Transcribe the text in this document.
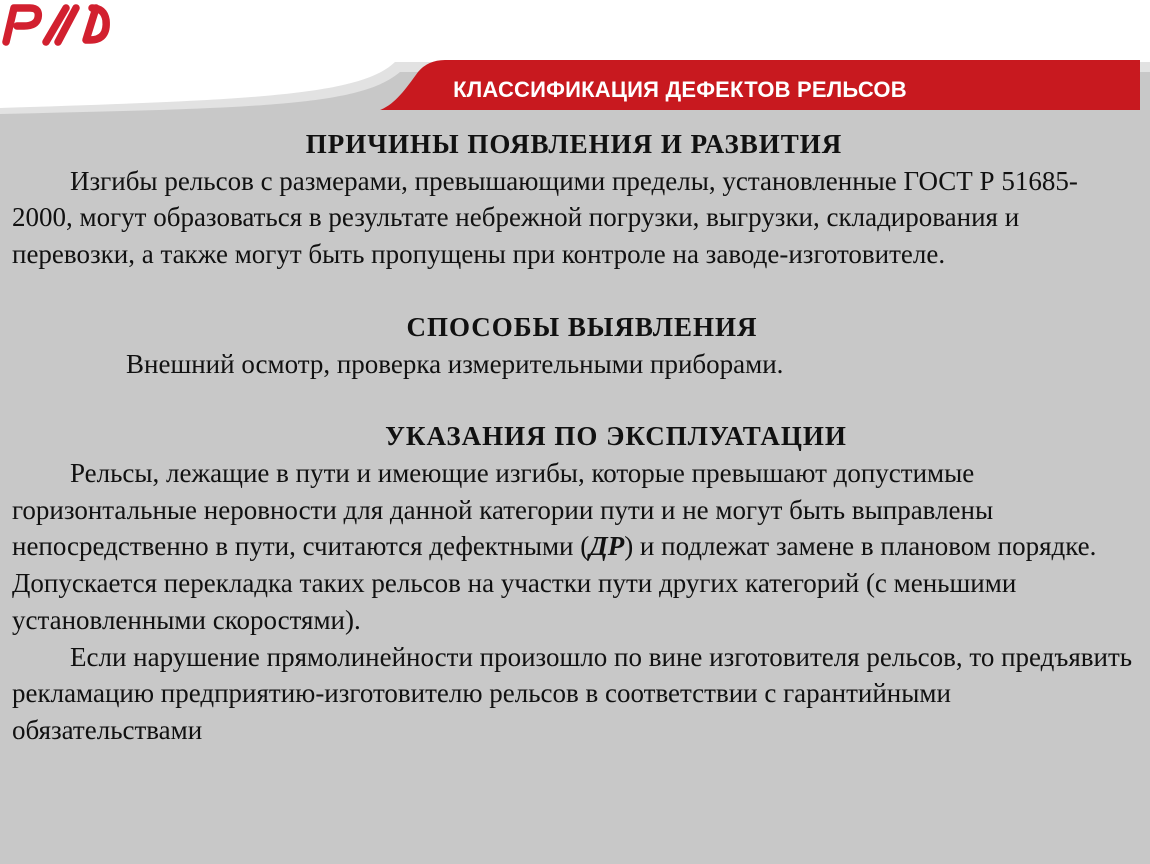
КЛАССИФИКАЦИЯ ДЕФЕКТОВ РЕЛЬСОВ

ПРИЧИНЫ ПОЯВЛЕНИЯ И РАЗВИТИЯ

Изгибы рельсов с размерами, превышающими пределы, установленные ГОСТ Р 51685-2000, могут образоваться в результате небрежной погрузки, выгрузки, складирования и перевозки, а также могут быть пропущены при контроле на заводе-изготовителе.

СПОСОБЫ ВЫЯВЛЕНИЯ

Внешний осмотр, проверка измерительными приборами.

УКАЗАНИЯ ПО ЭКСПЛУАТАЦИИ

Рельсы, лежащие в пути и имеющие изгибы, которые превышают допустимые горизонтальные неровности для данной категории пути и не могут быть выправлены непосредственно в пути, считаются дефектными (ДР) и подлежат замене в плановом порядке. Допускается перекладка таких рельсов на участки пути других категорий (с меньшими установленными скоростями).

Если нарушение прямолинейности произошло по вине изготовителя рельсов, то предъявить рекламацию предприятию-изготовителю рельсов в соответствии с гарантийными обязательствами
